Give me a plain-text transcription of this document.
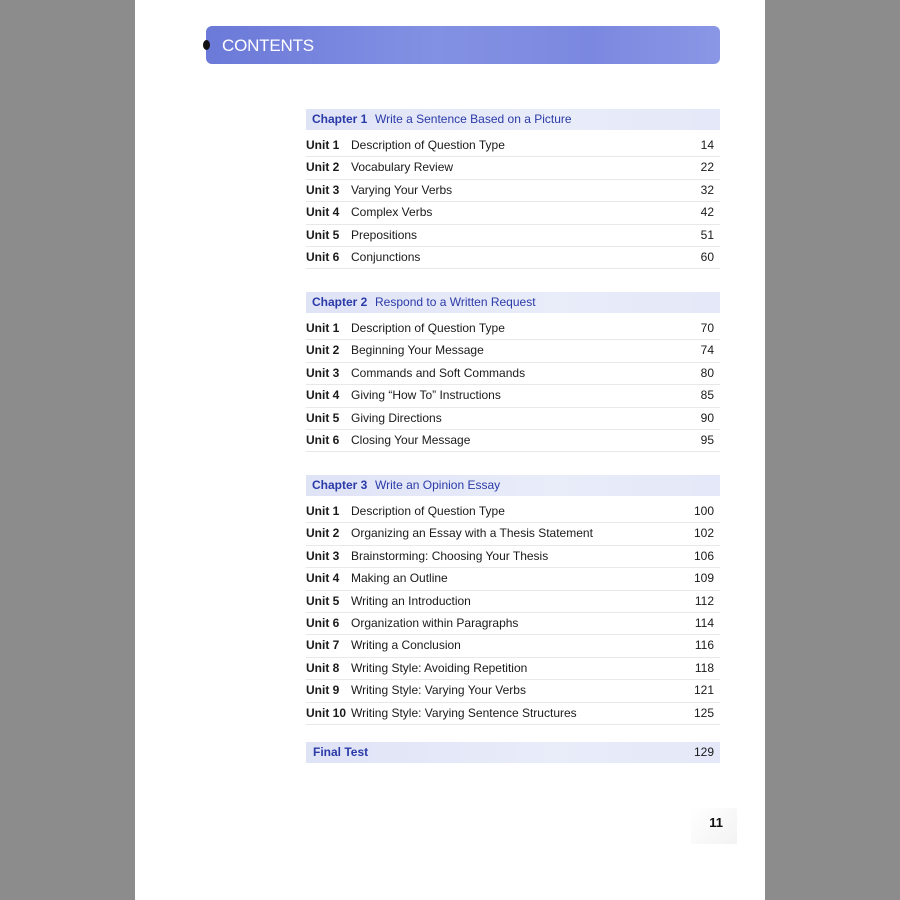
CONTENTS
Chapter 1 Write a Sentence Based on a Picture
Unit 1 Description of Question Type	14
Unit 2 Vocabulary Review	22
Unit 3 Varying Your Verbs	32
Unit 4 Complex Verbs	42
Unit 5 Prepositions	51
Unit 6 Conjunctions	60
Chapter 2 Respond to a Written Request
Unit 1 Description of Question Type	70
Unit 2 Beginning Your Message	74
Unit 3 Commands and Soft Commands	80
Unit 4 Giving “How To” Instructions	85
Unit 5 Giving Directions	90
Unit 6 Closing Your Message	95
Chapter 3 Write an Opinion Essay
Unit 1 Description of Question Type	100
Unit 2 Organizing an Essay with a Thesis Statement	102
Unit 3 Brainstorming: Choosing Your Thesis	106
Unit 4 Making an Outline	109
Unit 5 Writing an Introduction	112
Unit 6 Organization within Paragraphs	114
Unit 7 Writing a Conclusion	116
Unit 8 Writing Style: Avoiding Repetition	118
Unit 9 Writing Style: Varying Your Verbs	121
Unit 10 Writing Style: Varying Sentence Structures	125
Final Test	129
11
